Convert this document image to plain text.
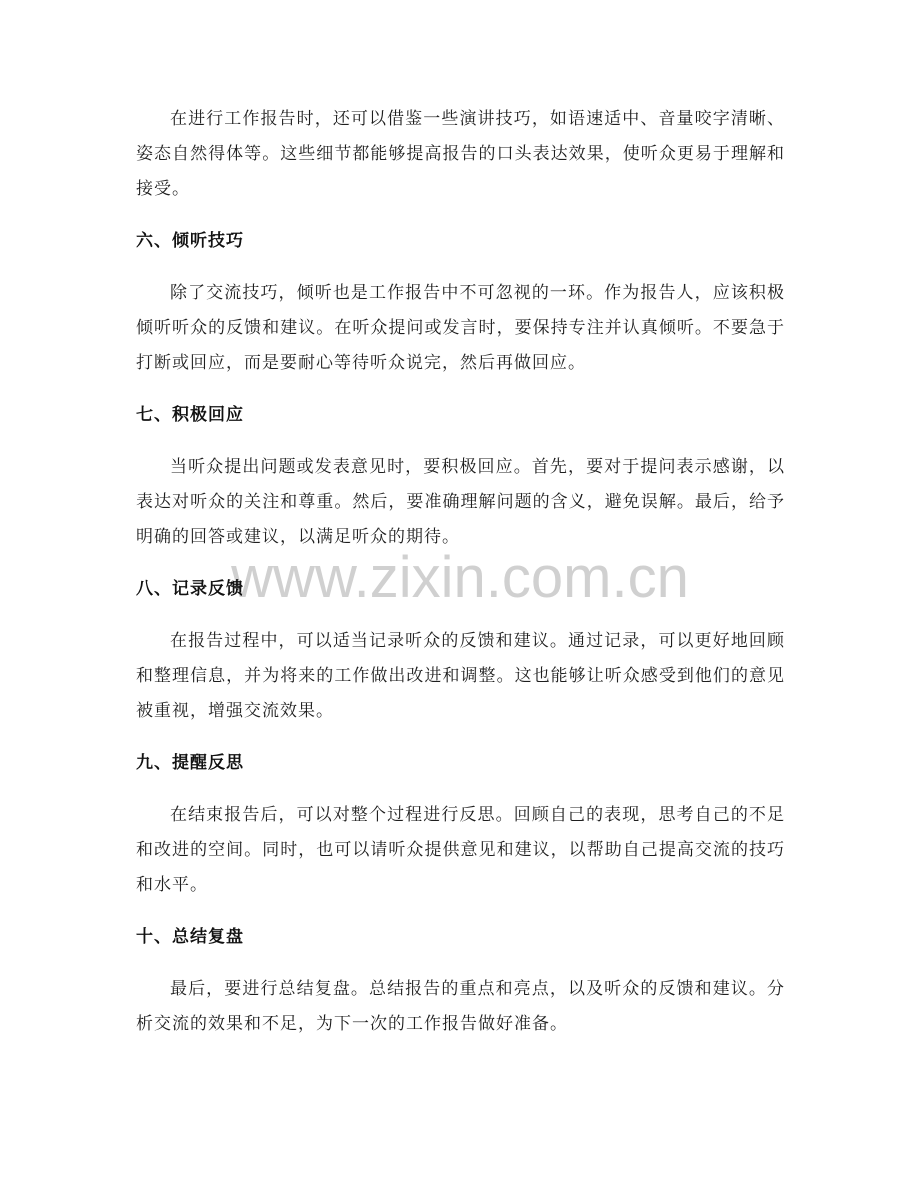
www.zixin.com.cn
在进行工作报告时，还可以借鉴一些演讲技巧，如语速适中、音量咬字清晰、
姿态自然得体等。这些细节都能够提高报告的口头表达效果，使听众更易于理解和
接受。
六、倾听技巧
除了交流技巧，倾听也是工作报告中不可忽视的一环。作为报告人，应该积极
倾听听众的反馈和建议。在听众提问或发言时，要保持专注并认真倾听。不要急于
打断或回应，而是要耐心等待听众说完，然后再做回应。
七、积极回应
当听众提出问题或发表意见时，要积极回应。首先，要对于提问表示感谢，以
表达对听众的关注和尊重。然后，要准确理解问题的含义，避免误解。最后，给予
明确的回答或建议，以满足听众的期待。
八、记录反馈
在报告过程中，可以适当记录听众的反馈和建议。通过记录，可以更好地回顾
和整理信息，并为将来的工作做出改进和调整。这也能够让听众感受到他们的意见
被重视，增强交流效果。
九、提醒反思
在结束报告后，可以对整个过程进行反思。回顾自己的表现，思考自己的不足
和改进的空间。同时，也可以请听众提供意见和建议，以帮助自己提高交流的技巧
和水平。
十、总结复盘
最后，要进行总结复盘。总结报告的重点和亮点，以及听众的反馈和建议。分
析交流的效果和不足，为下一次的工作报告做好准备。
